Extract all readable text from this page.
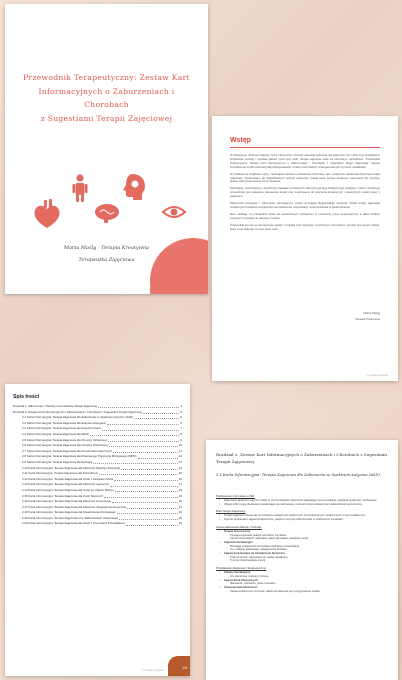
Przewodnik Terapeutyczny: Zestaw Kart
Informacyjnych o Zaburzeniach i Chorobach
z Sugestiami Terapii Zajęciowej
Marta Maślg · Terapia Kreatywna
Terapeutka Zajęciowa
Wstęp

W dzisiejszym złożonym świecie, liczne zaburzenia i choroby stanowią wyzwanie dla pacjentów, ich rodzin oraz specjalistów. Wspieranie rozwoju i poprawa jakości życia tych osób, terapia zajęciowa staje się kluczowym narzędziem. "Przewodnik Terapeutyczny: Zestaw Kart Informacyjnych o Zaburzeniach i Chorobach z Sugestiami Terapii Zajęciowej" stanowi kompleksowe źródło informacji dla profesjonalistów, a także osób bliskich i zaangażowanych w proces rehabilitacji.

W publikacji tej znajdziesz opisy, zawierające zarówno podstawowe informacje, jak i praktyczne wskazówki dotyczące terapii zajęciowej, dostosowane do indywidualnych potrzeb pacjentów. Każda karta opisuje konkretne zaburzenie lub chorobę, objawy oraz proponowane formy wsparcia.

Rozwojowy, neurologiczny i psychiczny charakter omawianych zaburzeń wymaga holistycznego podejścia. Celem niniejszego przewodnika jest ułatwienie planowania terapii oraz inspirowanie do tworzenia kreatywnych i skutecznych metod pracy z pacjentem.

Zaburzenia rozwojowe i zaburzenia neurologiczne często wymagają długotrwałego wsparcia. Dzięki terapii zajęciowej możliwe jest rozwijanie umiejętności samodzielności, komunikacji i funkcjonowania w społeczeństwie.

Mam nadzieję, że przewodnik okaże się wartościowym narzędziem w codziennej pracy terapeutycznej, a także źródłem inspiracji i motywacji do dalszego rozwoju.

Przewodnik ten ma na celu łączenie wiedzy z empatią oraz inspirację z konkretnym narzędziem, tworząc tym samym całość, która może wpłynąć na życie wielu osób.

Marta Maślg
Terapia Kreatywna
© Terapia Kreatywna
Spis treści
Rozdział 1. Zaburzenia i Choroby w Kontekście Terapii Zajęciowej	4
Rozdział 2. Zestaw Kart Informacyjnych o Zaburzeniach i Chorobach z Sugestiami Terapii Zajęciowej	5
2.1 Karta Informacyjna: Terapia Zajęciowa dla Zaburzenia ze Spektrum Autyzmu (ASD)	5
2.2 Karta Informacyjna: Terapia Zajęciowa dla Zespołu Aspergera	6
2.3 Karta Informacyjna: Terapia Zajęciowa dla Zespołu Downa	7
2.4 Karta Informacyjna: Terapia Zajęciowa dla ADHD	8
2.5 Karta Informacyjna: Terapia Zajęciowa dla Choroby Alzheimera	9
2.6 Karta Informacyjna: Terapia Zajęciowa dla Choroby Parkinsona	10
2.7 Karta Informacyjna: Terapia Zajęciowa dla Chorób Reumatycznych	11
2.8 Karta Informacyjna: Terapia Zajęciowa dla Dziecięcego Porażenia Mózgowego (MPD)	12
2.9 Karta Informacyjna: Terapia Zajęciowa dla Epilepsji	13
2.10 Karta Informacyjna: Terapia Zajęciowa dla Zaburzeń Nastroju (Depresji)	14
2.11 Karta Informacyjna: Terapia Zajęciowa dla Schizofrenii	15
2.12 Karta Informacyjna: Terapia Zajęciowa dla Osób z Zespołem Retta	16
2.13 Karta Informacyjna: Terapia Zajęciowa dla Zaburzeń Lękowych	17
2.14 Karta Informacyjna: Terapia Zajęciowa dla Osób po Udarze Mózgu	18
2.15 Karta Informacyjna: Terapia Zajęciowa dla Osób Starszych	19
2.16 Karta Informacyjna: Terapia Zajęciowa dla Zaburzeń Uczenia się	20
2.17 Karta Informacyjna: Terapia Zajęciowa dla Zaburzeń Integracji Sensorycznej	21
2.18 Karta Informacyjna: Terapia Zajęciowa dla Stwardnienia Rozsianego	22
2.19 Karta Informacyjna: Terapia Zajęciowa przy Zaburzeniach Odżywiania	23
2.20 Karta Informacyjna: Terapia Zajęciowa dla Osób z Chorobami Przewlekłymi	24
© Terapia Kreatywna
24
Rozdział 2. Zestaw Kart Informacyjnych o Zaburzeniach i Chorobach z Sugestiami Terapii Zajęciowej
2.1 Karta Informacyjna: Terapia Zajęciowa dla Zaburzenia ze Spektrum Autyzmu (ASD)
Podstawowe informacje o ASD:
• Zaburzenie Spektrum Autyzmu (ASD) to neurorozwojowe zaburzenie wpływające na komunikację, interakcje społeczne i zachowanie.
• Objawy ASD mogą obejmować powtarzające się zachowania, trudności w komunikacji oraz nadwrażliwość sensoryczną.
Rola Terapii Zajęciowej:
• Terapia zajęciowa skupia się na rozwijaniu umiejętności społecznych, komunikacyjnych i praktycznych w życiu codziennym.
• Poprzez strukturalne zajęcia terapeutyczne, pacjenci uczą się radzenia sobie w codziennych sytuacjach.
Spersonalizowane Metody i Techniki:
• Terapia Sensoryczna:
◦ Pomaga regulować reakcje na bodźce zmysłowe.
◦ Użycie różnorodnych materiałów, takich jak piasek, plastelina, woda.
• Zajęcia Komunikacyjne:
◦ Rozwijają umiejętności komunikacji werbalnej i niewerbalnej.
◦ Gry i zabawy wspierające nawiązywanie kontaktu.
• Zajęcia Zorientowane na Umiejętności Społeczne:
◦ Praca w grupie, odgrywanie ról, nauka współpracy.
◦ Trening rozpoznawania emocji.
Przykładowe Aktywności Terapeutyczne:
• Zabawy Interaktywne:
◦ Gry planszowe i zabawy ruchowe.
• Zajęcia Sztuk Plastycznych:
◦ Malowanie, rysowanie, prace manualne.
• Ćwiczenia Samodzielności:
◦ Nauka codziennych czynności, takich jak ubieranie się i przygotowanie posiłku.
